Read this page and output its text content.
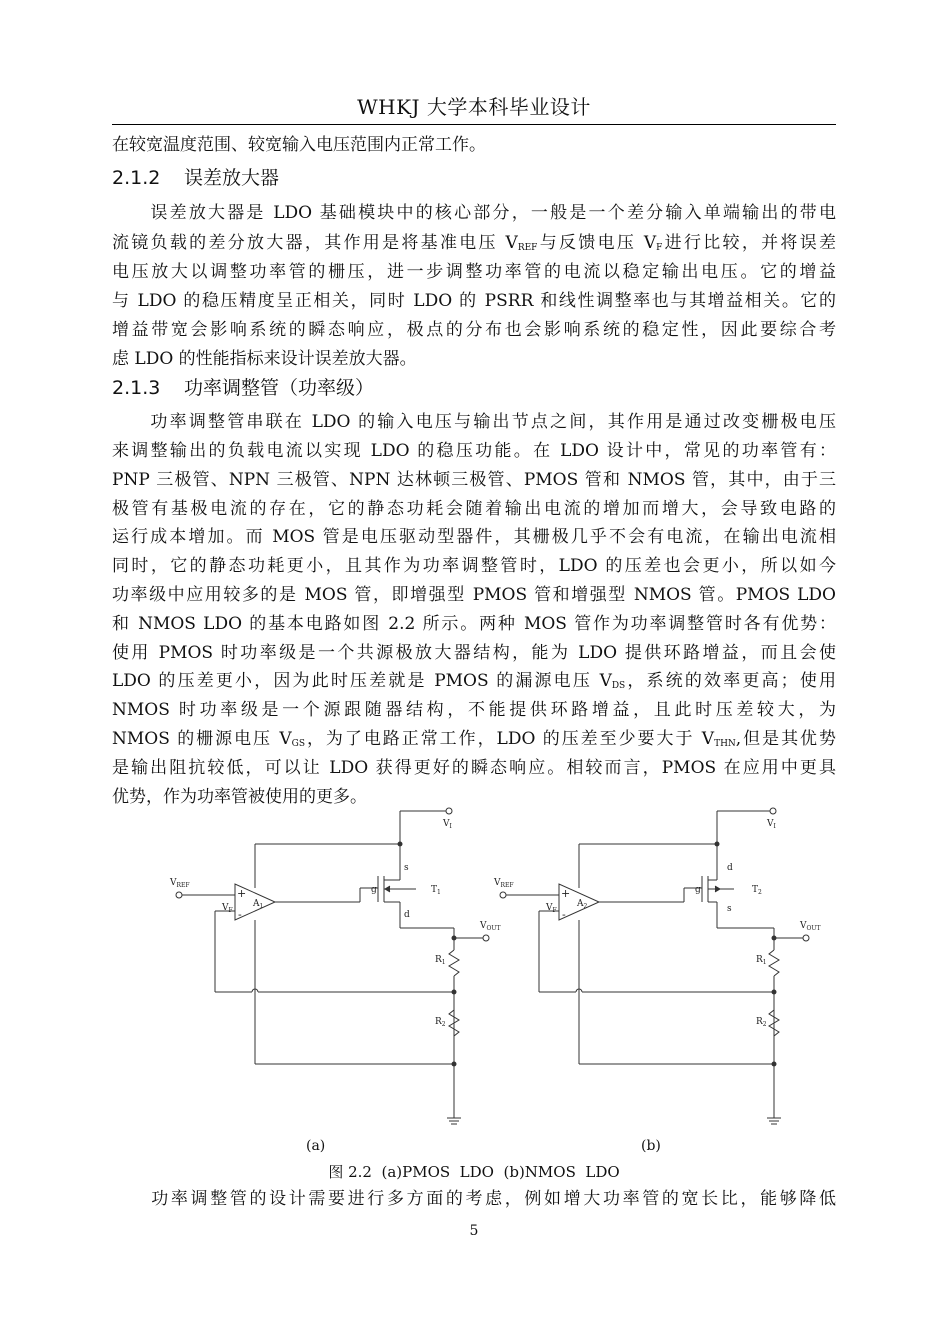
WHKJ 大学本科毕业设计
在较宽温度范围、较宽输入电压范围内正常工作。
2.1.2 误差放大器
　　误差放大器是 LDO 基础模块中的核心部分，一般是一个差分输入单端输出的带电
流镜负载的差分放大器，其作用是将基准电压 $V_{REF}$与反馈电压 $V_F$进行比较，并将误差
电压放大以调整功率管的栅压，进一步调整功率管的电流以稳定输出电压。它的增益
与 LDO 的稳压精度呈正相关，同时 LDO 的 PSRR 和线性调整率也与其增益相关。它的
增益带宽会影响系统的瞬态响应，极点的分布也会影响系统的稳定性，因此要综合考
虑 LDO 的性能指标来设计误差放大器。
2.1.3 功率调整管（功率级）
　　功率调整管串联在 LDO 的输入电压与输出节点之间，其作用是通过改变栅极电压
来调整输出的负载电流以实现 LDO 的稳压功能。在 LDO 设计中，常见的功率管有：
PNP 三极管、NPN 三极管、NPN 达林顿三极管、PMOS 管和 NMOS 管，其中，由于三
极管有基极电流的存在，它的静态功耗会随着输出电流的增加而增大，会导致电路的
运行成本增加。而 MOS 管是电压驱动型器件，其栅极几乎不会有电流，在输出电流相
同时，它的静态功耗更小，且其作为功率调整管时，LDO 的压差也会更小，所以如今
功率级中应用较多的是 MOS 管，即增强型 PMOS 管和增强型 NMOS 管。PMOS LDO
和 NMOS LDO 的基本电路如图 2.2 所示。两种 MOS 管作为功率调整管时各有优势：
使用 PMOS 时功率级是一个共源极放大器结构，能为 LDO 提供环路增益，而且会使
LDO 的压差更小，因为此时压差就是 PMOS 的漏源电压 $V_{DS}$，系统的效率更高；使用
NMOS 时功率级是一个源跟随器结构，不能提供环路增益，且此时压差较大，为
NMOS 的栅源电压 $V_{GS}$，为了电路正常工作，LDO 的压差至少要大于 $V_{THN}$,但是其优势
是输出阻抗较低，可以让 LDO 获得更好的瞬态响应。相较而言，PMOS 在应用中更具
优势，作为功率管被使用的更多。
$V_I$
$V_{REF}$
$V_F$
$A_1$
+
-
$T_1$
s
g
d
$V_{OUT}$
$R_1$
$R_2$
$V_I$
$V_{REF}$
$V_F$
$A_2$
+
-
$T_2$
d
g
s
$V_{OUT}$
$R_1$
$R_2$
(a)	(b)
图 2.2  (a)PMOS  LDO  (b)NMOS  LDO
　　功率调整管的设计需要进行多方面的考虑，例如增大功率管的宽长比，能够降低
5
